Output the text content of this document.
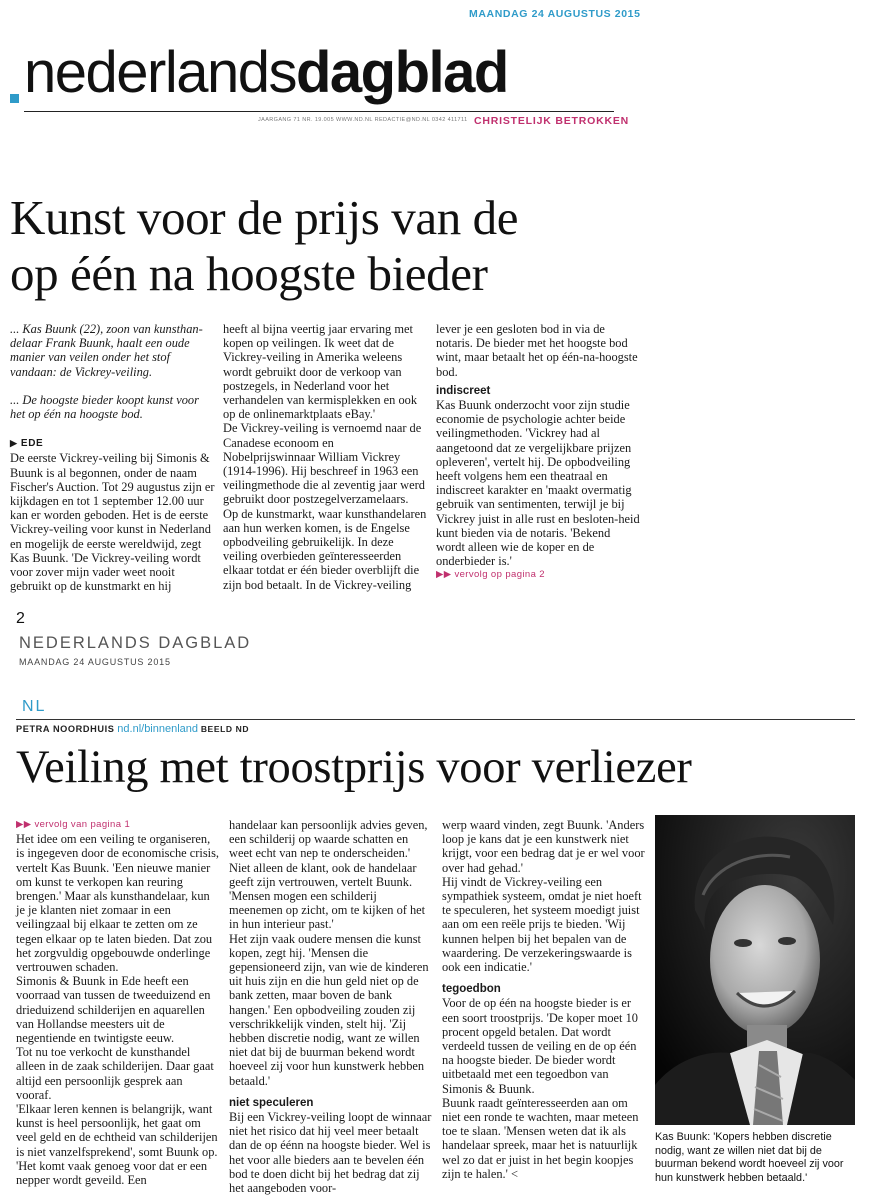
MAANDAG 24 AUGUSTUS 2015
nederlandsdagblad
JAARGANG 71 NR. 19.005 WWW.ND.NL REDACTIE@ND.NL 0342 411711 CHRISTELIJK BETROKKEN
Kunst voor de prijs van de
op één na hoogste bieder

... Kas Buunk (22), zoon van kunsthan-delaar Frank Buunk, haalt een oude manier van veilen onder het stof vandaan: de Vickrey-veiling.

... De hoogste bieder koopt kunst voor het op één na hoogste bod.

▶ EDE

De eerste Vickrey-veiling bij Simonis & Buunk is al begonnen, onder de naam Fischer's Auction. Tot 29 augustus zijn er kijkdagen en tot 1 september 12.00 uur kan er worden geboden. Het is de eerste Vickrey-veiling voor kunst in Nederland en mogelijk de eerste wereldwijd, zegt Kas Buunk. 'De Vickrey-veiling wordt voor zover mijn vader weet nooit gebruikt op de kunstmarkt en hij

heeft al bijna veertig jaar ervaring met kopen op veilingen. Ik weet dat de Vickrey-veiling in Amerika weleens wordt gebruikt door de verkoop van postzegels, in Nederland voor het verhandelen van kermisplekken en ook op de onlinemarktplaats eBay.'

De Vickrey-veiling is vernoemd naar de Canadese econoom en Nobelprijswinnaar William Vickrey (1914-1996). Hij beschreef in 1963 een veilingmethode die al zeventig jaar werd gebruikt door postzegelverzamelaars.

Op de kunstmarkt, waar kunsthandelaren aan hun werken komen, is de Engelse opbodveiling gebruikelijk. In deze veiling overbieden geïnteresseerden elkaar totdat er één bieder overblijft die zijn bod betaalt. In de Vickrey-veiling

lever je een gesloten bod in via de notaris. De bieder met het hoogste bod wint, maar betaalt het op één-na-hoogste bod.

indiscreet

Kas Buunk onderzocht voor zijn studie economie de psychologie achter beide veilingmethoden. 'Vickrey had al aangetoond dat ze vergelijkbare prijzen opleveren', vertelt hij. De opbodveiling heeft volgens hem een theatraal en indiscreet karakter en 'maakt overmatig gebruik van sentimenten, terwijl je bij Vickrey juist in alle rust en besloten-heid kunt bieden via de notaris. 'Bekend wordt alleen wie de koper en de onderbieder is.'

▶▶ vervolg op pagina 2

2
NEDERLANDS DAGBLAD
MAANDAG 24 AUGUSTUS 2015
NL
PETRA NOORDHUIS nd.nl/binnenland BEELD ND
Veiling met troostprijs voor verliezer

▶▶ vervolg van pagina 1

Het idee om een veiling te organiseren, is ingegeven door de economische crisis, vertelt Kas Buunk. 'Een nieuwe manier om kunst te verkopen kan reuring brengen.' Maar als kunsthandelaar, kun je je klanten niet zomaar in een veilingzaal bij elkaar te zetten om ze tegen elkaar op te laten bieden. Dat zou het zorgvuldig opgebouwde onderlinge vertrouwen schaden.

Simonis & Buunk in Ede heeft een voorraad van tussen de tweeduizend en drieduizend schilderijen en aquarellen van Hollandse meesters uit de negentiende en twintigste eeuw.

Tot nu toe verkocht de kunsthandel alleen in de zaak schilderijen. Daar gaat altijd een persoonlijk gesprek aan vooraf.

'Elkaar leren kennen is belangrijk, want kunst is heel persoonlijk, het gaat om veel geld en de echtheid van schilderijen is niet vanzelfsprekend', somt Buunk op. 'Het komt vaak genoeg voor dat er een nepper wordt geveild. Een

handelaar kan persoonlijk advies geven, een schilderij op waarde schatten en weet echt van nep te onderscheiden.'

Niet alleen de klant, ook de handelaar geeft zijn vertrouwen, vertelt Buunk. 'Mensen mogen een schilderij meenemen op zicht, om te kijken of het in hun interieur past.'

Het zijn vaak oudere mensen die kunst kopen, zegt hij. 'Mensen die gepensioneerd zijn, van wie de kinderen uit huis zijn en die hun geld niet op de bank zetten, maar boven de bank hangen.' Een opbodveiling zouden zij verschrikkelijk vinden, stelt hij. 'Zij hebben discretie nodig, want ze willen niet dat bij de buurman bekend wordt hoeveel zij voor hun kunstwerk hebben betaald.'

niet speculeren

Bij een Vickrey-veiling loopt de winnaar niet het risico dat hij veel meer betaalt dan de op éénn na hoogste bieder. Wel is het voor alle bieders aan te bevelen één bod te doen dicht bij het bedrag dat zij het aangeboden voor-

werp waard vinden, zegt Buunk. 'Anders loop je kans dat je een kunstwerk niet krijgt, voor een bedrag dat je er wel voor over had gehad.'

Hij vindt de Vickrey-veiling een sympathiek systeem, omdat je niet hoeft te speculeren, het systeem moedigt juist aan om een reële prijs te bieden. 'Wij kunnen helpen bij het bepalen van de waardering. De verzekeringswaarde is ook een indicatie.'

tegoedbon

Voor de op één na hoogste bieder is er een soort troostprijs. 'De koper moet 10 procent opgeld betalen. Dat wordt verdeeld tussen de veiling en de op één na hoogste bieder. De bieder wordt uitbetaald met een tegoedbon van Simonis & Buunk.

Buunk raadt geïnteresseerden aan om niet een ronde te wachten, maar meteen toe te slaan. 'Mensen weten dat ik als handelaar spreek, maar het is natuurlijk wel zo dat er juist in het begin koopjes zijn te halen.' <

Kas Buunk: 'Kopers hebben discretie nodig, want ze willen niet dat bij de buurman bekend wordt hoeveel zij voor hun kunstwerk hebben betaald.'
